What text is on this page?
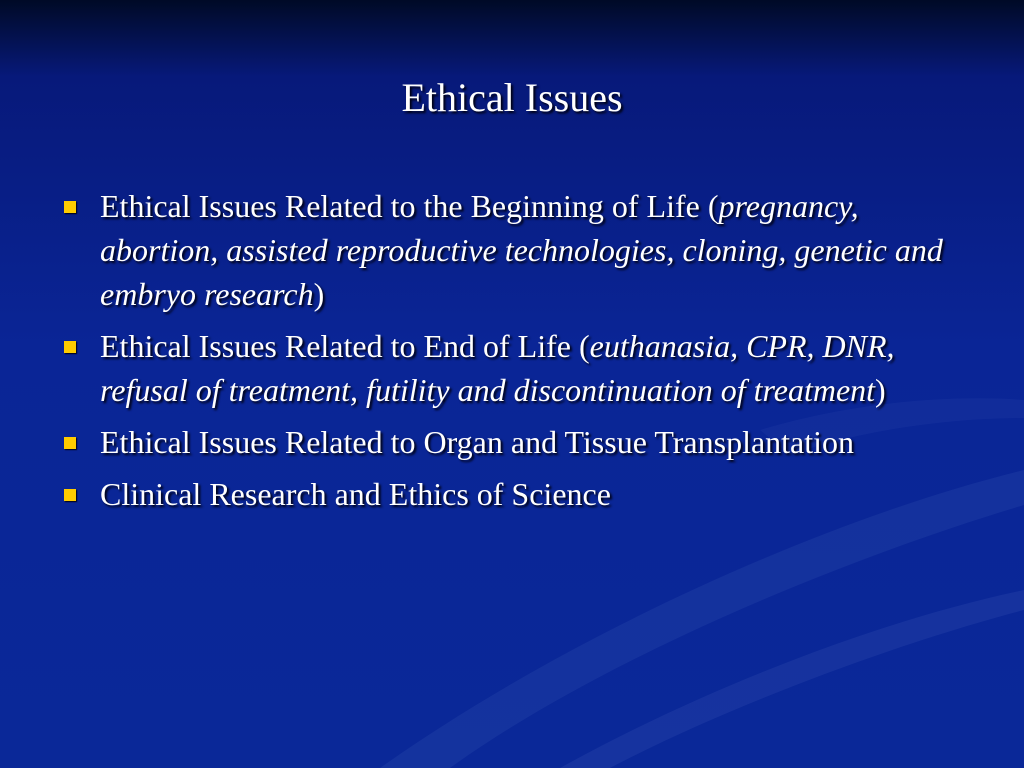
Ethical Issues
Ethical Issues Related to the Beginning of Life (pregnancy, abortion, assisted reproductive technologies, cloning, genetic and embryo research)
Ethical Issues Related to End of Life (euthanasia, CPR, DNR, refusal of treatment, futility and discontinuation of treatment)
Ethical Issues Related to Organ and Tissue Transplantation
Clinical Research and Ethics of Science
